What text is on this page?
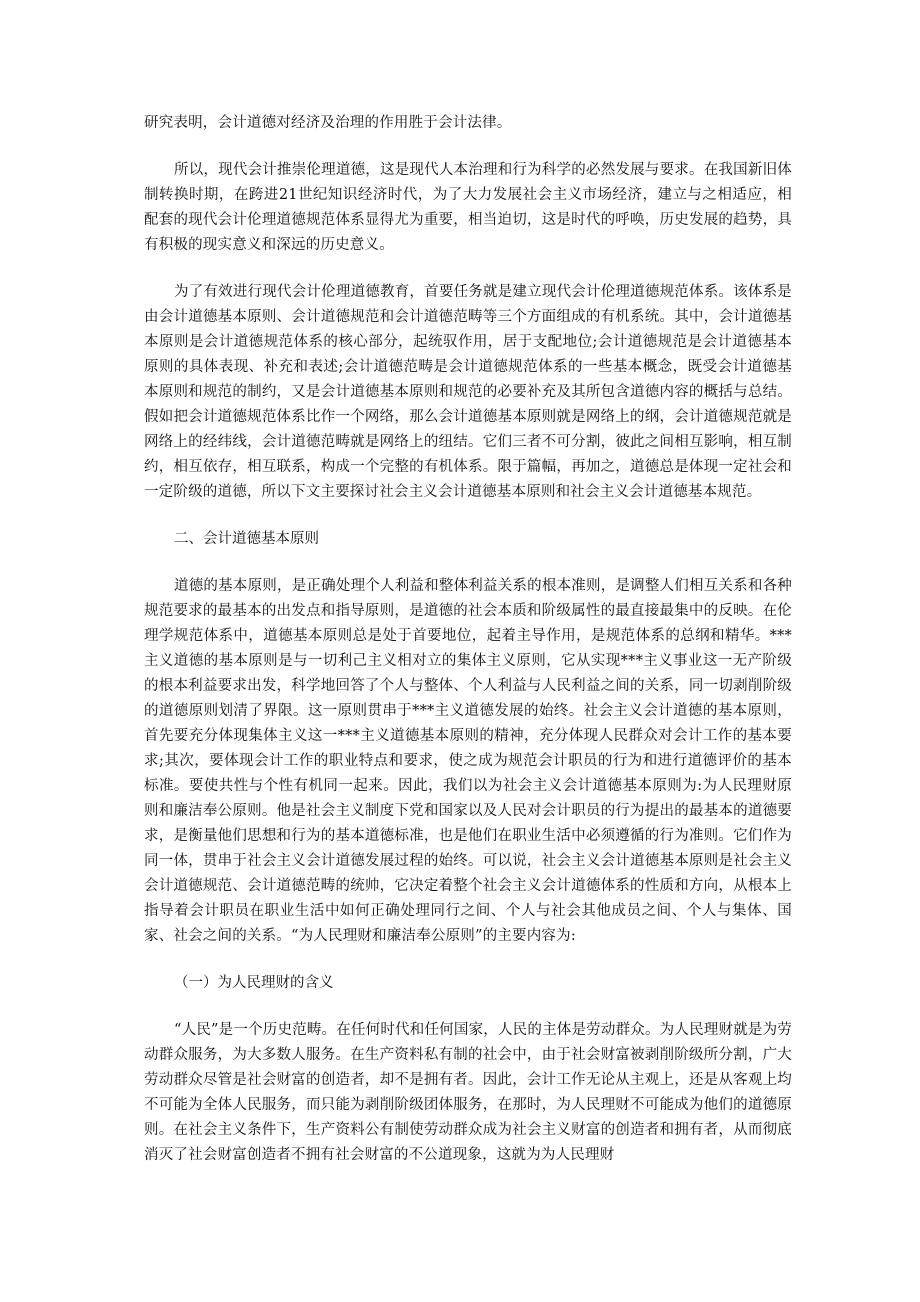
研究表明，会计道德对经济及治理的作用胜于会计法律。

所以，现代会计推崇伦理道德，这是现代人本治理和行为科学的必然发展与要求。在我国新旧体制转换时期，在跨进21世纪知识经济时代，为了大力发展社会主义市场经济，建立与之相适应，相配套的现代会计伦理道德规范体系显得尤为重要，相当迫切，这是时代的呼唤，历史发展的趋势，具有积极的现实意义和深远的历史意义。

为了有效进行现代会计伦理道德教育，首要任务就是建立现代会计伦理道德规范体系。该体系是由会计道德基本原则、会计道德规范和会计道德范畴等三个方面组成的有机系统。其中，会计道德基本原则是会计道德规范体系的核心部分，起统驭作用，居于支配地位;会计道德规范是会计道德基本原则的具体表现、补充和表述;会计道德范畴是会计道德规范体系的一些基本概念，既受会计道德基本原则和规范的制约，又是会计道德基本原则和规范的必要补充及其所包含道德内容的概括与总结。假如把会计道德规范体系比作一个网络，那么会计道德基本原则就是网络上的纲，会计道德规范就是网络上的经纬线，会计道德范畴就是网络上的纽结。它们三者不可分割，彼此之间相互影响，相互制约，相互依存，相互联系，构成一个完整的有机体系。限于篇幅，再加之，道德总是体现一定社会和一定阶级的道德，所以下文主要探讨社会主义会计道德基本原则和社会主义会计道德基本规范。

二、会计道德基本原则

道德的基本原则，是正确处理个人利益和整体利益关系的根本准则，是调整人们相互关系和各种规范要求的最基本的出发点和指导原则，是道德的社会本质和阶级属性的最直接最集中的反映。在伦理学规范体系中，道德基本原则总是处于首要地位，起着主导作用，是规范体系的总纲和精华。***主义道德的基本原则是与一切利己主义相对立的集体主义原则，它从实现***主义事业这一无产阶级的根本利益要求出发，科学地回答了个人与整体、个人利益与人民利益之间的关系，同一切剥削阶级的道德原则划清了界限。这一原则贯串于***主义道德发展的始终。社会主义会计道德的基本原则，首先要充分体现集体主义这一***主义道德基本原则的精神，充分体现人民群众对会计工作的基本要求;其次，要体现会计工作的职业特点和要求，使之成为规范会计职员的行为和进行道德评价的基本标准。要使共性与个性有机同一起来。因此，我们以为社会主义会计道德基本原则为:为人民理财原则和廉洁奉公原则。他是社会主义制度下党和国家以及人民对会计职员的行为提出的最基本的道德要求，是衡量他们思想和行为的基本道德标准，也是他们在职业生活中必须遵循的行为准则。它们作为同一体，贯串于社会主义会计道德发展过程的始终。可以说，社会主义会计道德基本原则是社会主义会计道德规范、会计道德范畴的统帅，它决定着整个社会主义会计道德体系的性质和方向，从根本上指导着会计职员在职业生活中如何正确处理同行之间、个人与社会其他成员之间、个人与集体、国家、社会之间的关系。“为人民理财和廉洁奉公原则”的主要内容为:

（一）为人民理财的含义

“人民”是一个历史范畴。在任何时代和任何国家，人民的主体是劳动群众。为人民理财就是为劳动群众服务，为大多数人服务。在生产资料私有制的社会中，由于社会财富被剥削阶级所分割，广大劳动群众尽管是社会财富的创造者，却不是拥有者。因此，会计工作无论从主观上，还是从客观上均不可能为全体人民服务，而只能为剥削阶级团体服务，在那时，为人民理财不可能成为他们的道德原则。在社会主义条件下，生产资料公有制使劳动群众成为社会主义财富的创造者和拥有者，从而彻底消灭了社会财富创造者不拥有社会财富的不公道现象，这就为为人民理财
